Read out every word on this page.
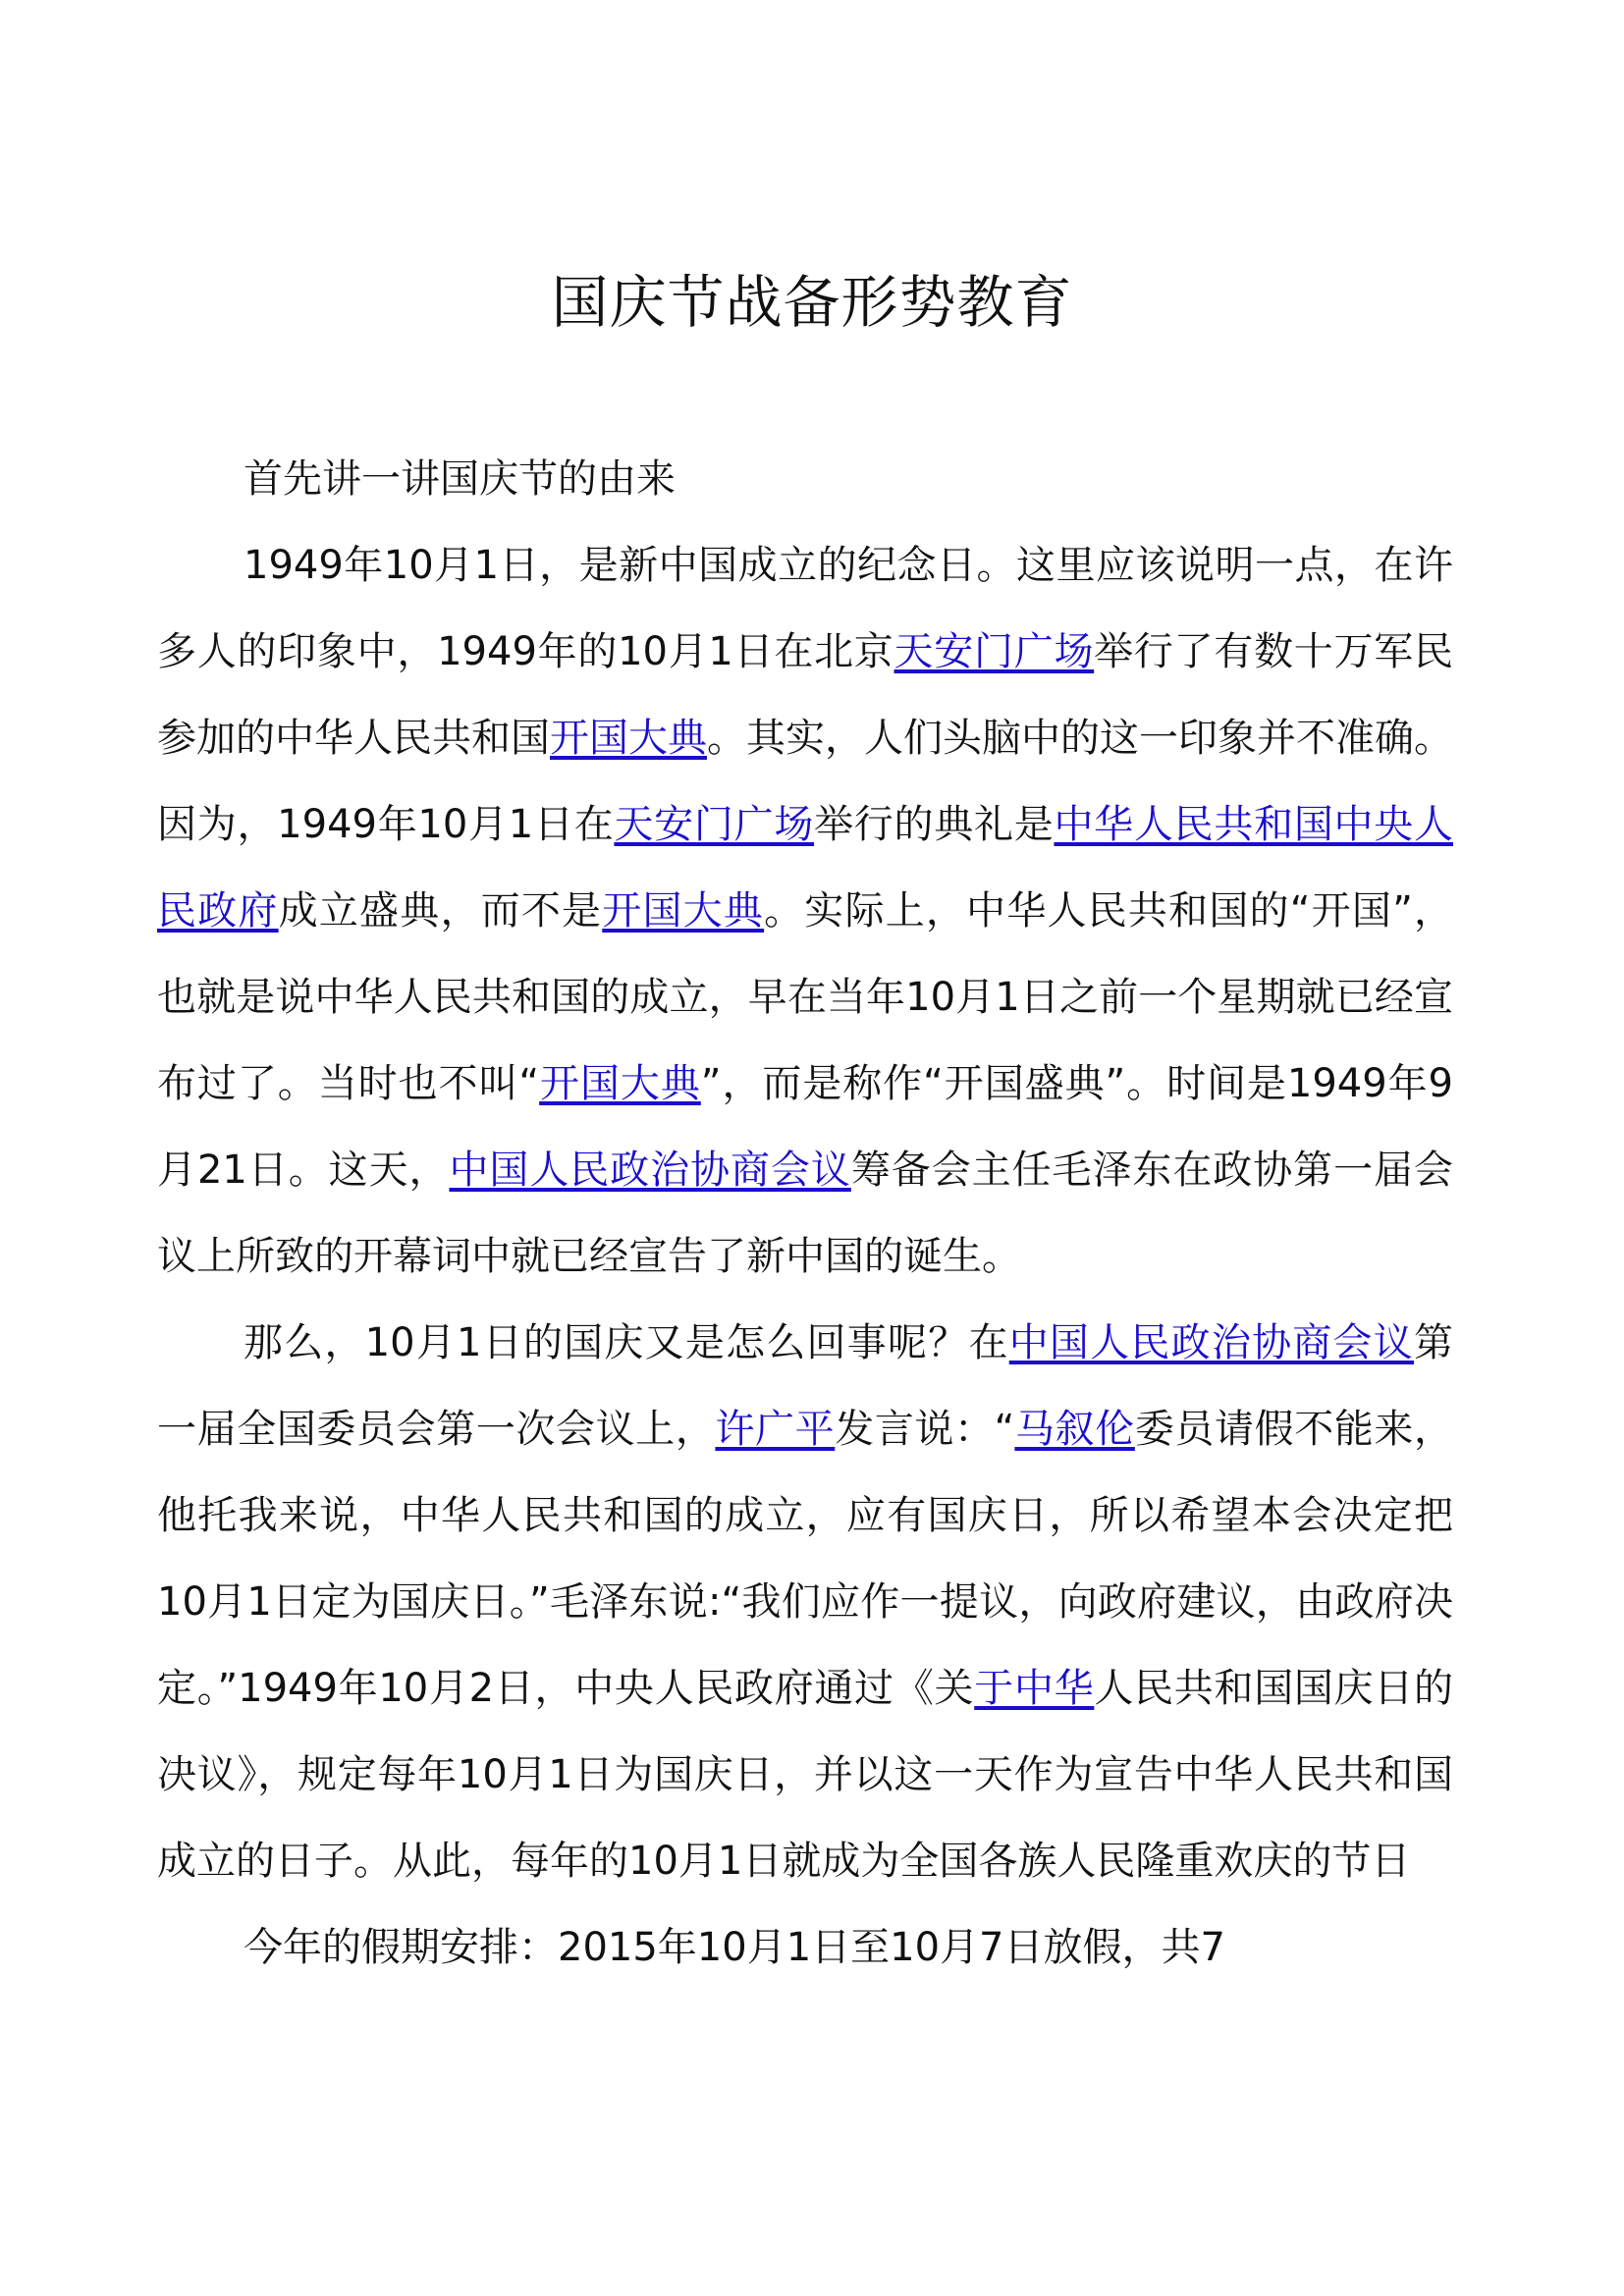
国庆节战备形势教育

首先讲一讲国庆节的由来

1949年10月1日，是新中国成立的纪念日。这里应该说明一点，在许多人的印象中，1949年的10月1日在北京天安门广场举行了有数十万军民参加的中华人民共和国开国大典。其实，人们头脑中的这一印象并不准确。因为，1949年10月1日在天安门广场举行的典礼是中华人民共和国中央人民政府成立盛典，而不是开国大典。实际上，中华人民共和国的“开国”，也就是说中华人民共和国的成立，早在当年10月1日之前一个星期就已经宣布过了。当时也不叫“开国大典”，而是称作“开国盛典”。时间是1949年9月21日。这天，中国人民政治协商会议筹备会主任毛泽东在政协第一届会议上所致的开幕词中就已经宣告了新中国的诞生。

那么，10月1日的国庆又是怎么回事呢？在中国人民政治协商会议第一届全国委员会第一次会议上，许广平发言说：“马叙伦委员请假不能来，他托我来说，中华人民共和国的成立，应有国庆日，所以希望本会决定把10月1日定为国庆日。”毛泽东说:“我们应作一提议，向政府建议，由政府决定。”1949年10月2日，中央人民政府通过《关于中华人民共和国国庆日的决议》，规定每年10月1日为国庆日，并以这一天作为宣告中华人民共和国成立的日子。从此，每年的10月1日就成为全国各族人民隆重欢庆的节日

今年的假期安排：2015年10月1日至10月7日放假，共7
